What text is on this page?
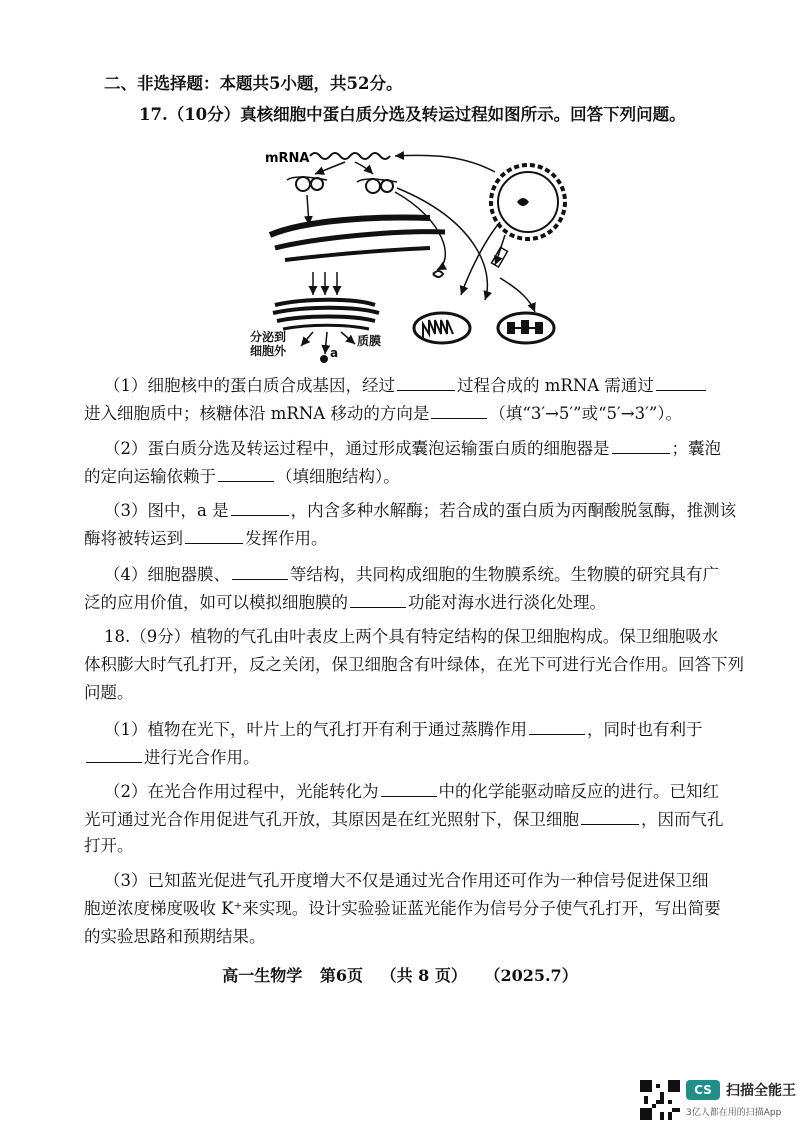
二、非选择题：本题共5小题，共52分。
17.（10分）真核细胞中蛋白质分选及转运过程如图所示。回答下列问题。
mRNA
分泌到
细胞外
质膜
a
（1）细胞核中的蛋白质合成基因，经过	过程合成的 mRNA 需通过
进入细胞质中；核糖体沿 mRNA 移动的方向是	（填“3′→5′”或“5′→3′”）。
（2）蛋白质分选及转运过程中，通过形成囊泡运输蛋白质的细胞器是	；囊泡
的定向运输依赖于	（填细胞结构）。
（3）图中，a 是	，内含多种水解酶；若合成的蛋白质为丙酮酸脱氢酶，推测该
酶将被转运到	发挥作用。
（4）细胞器膜、	等结构，共同构成细胞的生物膜系统。生物膜的研究具有广
泛的应用价值，如可以模拟细胞膜的	功能对海水进行淡化处理。
18.（9分）植物的气孔由叶表皮上两个具有特定结构的保卫细胞构成。保卫细胞吸水
体积膨大时气孔打开，反之关闭，保卫细胞含有叶绿体，在光下可进行光合作用。回答下列
问题。
（1）植物在光下，叶片上的气孔打开有利于通过蒸腾作用	，同时也有利于
进行光合作用。
（2）在光合作用过程中，光能转化为	中的化学能驱动暗反应的进行。已知红
光可通过光合作用促进气孔开放，其原因是在红光照射下，保卫细胞	，因而气孔
打开。
（3）已知蓝光促进气孔开度增大不仅是通过光合作用还可作为一种信号促进保卫细
胞逆浓度梯度吸收 K⁺来实现。设计实验验证蓝光能作为信号分子使气孔打开，写出简要
的实验思路和预期结果。
高一生物学 第6页 （共 8 页） （2025.7）
CS	扫描全能王
3亿人都在用的扫描App
